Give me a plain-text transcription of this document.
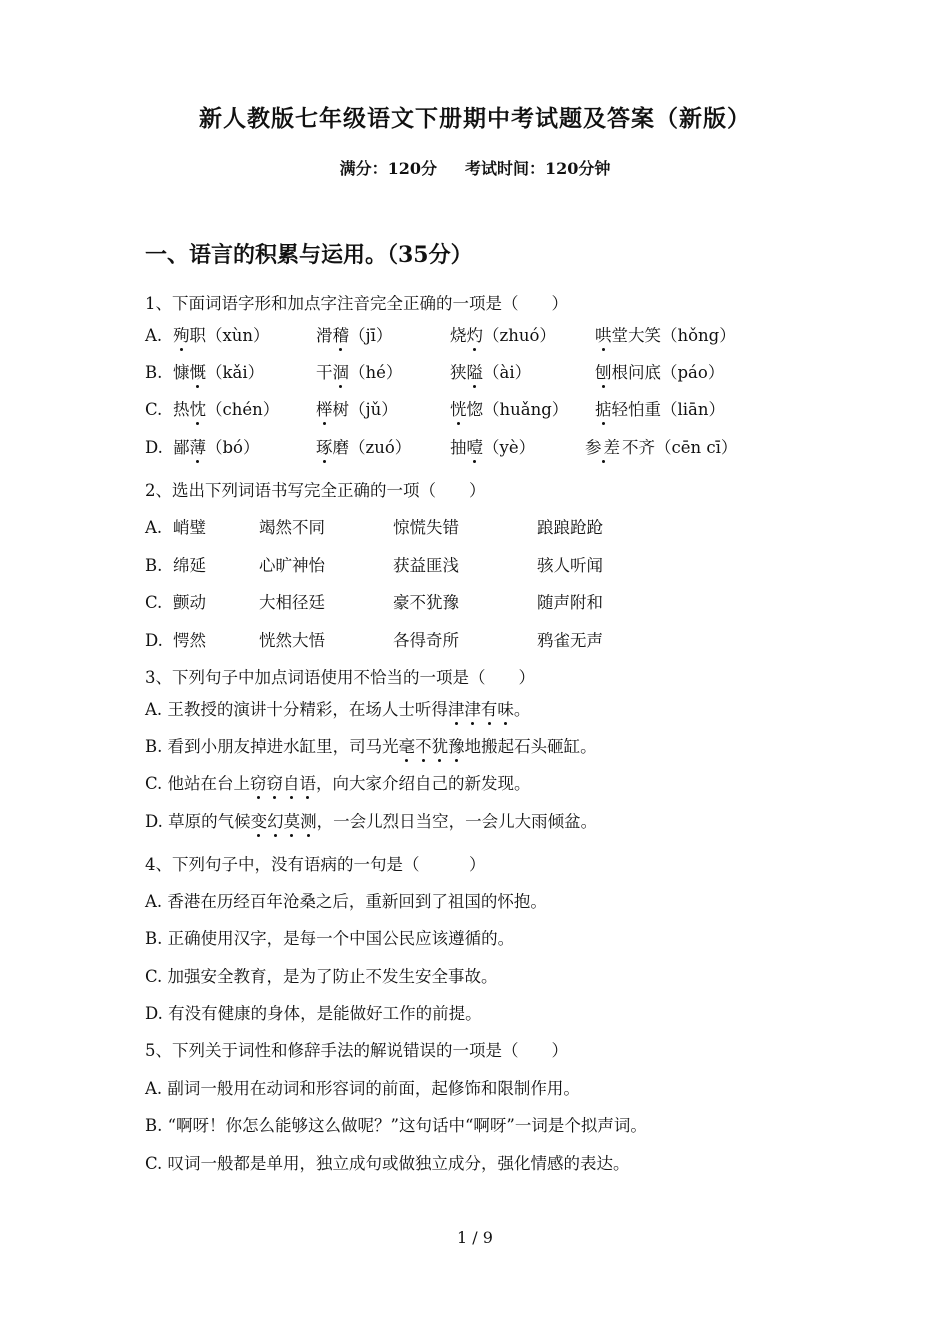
新人教版七年级语文下册期中考试题及答案（新版）
满分：120分 考试时间：120分钟
一、语言的积累与运用。（35分）
1、下面词语字形和加点字注音完全正确的一项是（　　）
A. 殉职（xùn）	滑稽（jī）	烧灼（zhuó） 哄堂大笑（hǒng）
B. 慷慨（kǎi）	干涸（hé）	狭隘（ài）	刨根问底（páo）
C. 热忱（chén） 榉树（jǔ）	恍惚（huǎng） 掂轻怕重（liān）
D. 鄙薄（bó）	琢磨（zuó） 抽噎（yè）	参差不齐（cēn cī）
2、选出下列词语书写完全正确的一项（　　）
A. 峭璧	竭然不同	惊慌失错	踉踉跄跄
B. 绵延	心旷神怡	获益匪浅	骇人听闻
C. 颤动	大相径廷	豪不犹豫	随声附和
D. 愕然	恍然大悟	各得奇所	鸦雀无声
3、下列句子中加点词语使用不恰当的一项是（　　）
A. 王教授的演讲十分精彩，在场人士听得津津有味。
B. 看到小朋友掉进水缸里，司马光毫不犹豫地搬起石头砸缸。
C. 他站在台上窃窃自语，向大家介绍自己的新发现。
D. 草原的气候变幻莫测，一会儿烈日当空，一会儿大雨倾盆。
4、下列句子中，没有语病的一句是（　　　）
A. 香港在历经百年沧桑之后，重新回到了祖国的怀抱。
B. 正确使用汉字，是每一个中国公民应该遵循的。
C. 加强安全教育，是为了防止不发生安全事故。
D. 有没有健康的身体，是能做好工作的前提。
5、下列关于词性和修辞手法的解说错误的一项是（　　）
A. 副词一般用在动词和形容词的前面，起修饰和限制作用。
B. “啊呀！你怎么能够这么做呢？”这句话中“啊呀”一词是个拟声词。
C. 叹词一般都是单用，独立成句或做独立成分，强化情感的表达。
1 / 9
